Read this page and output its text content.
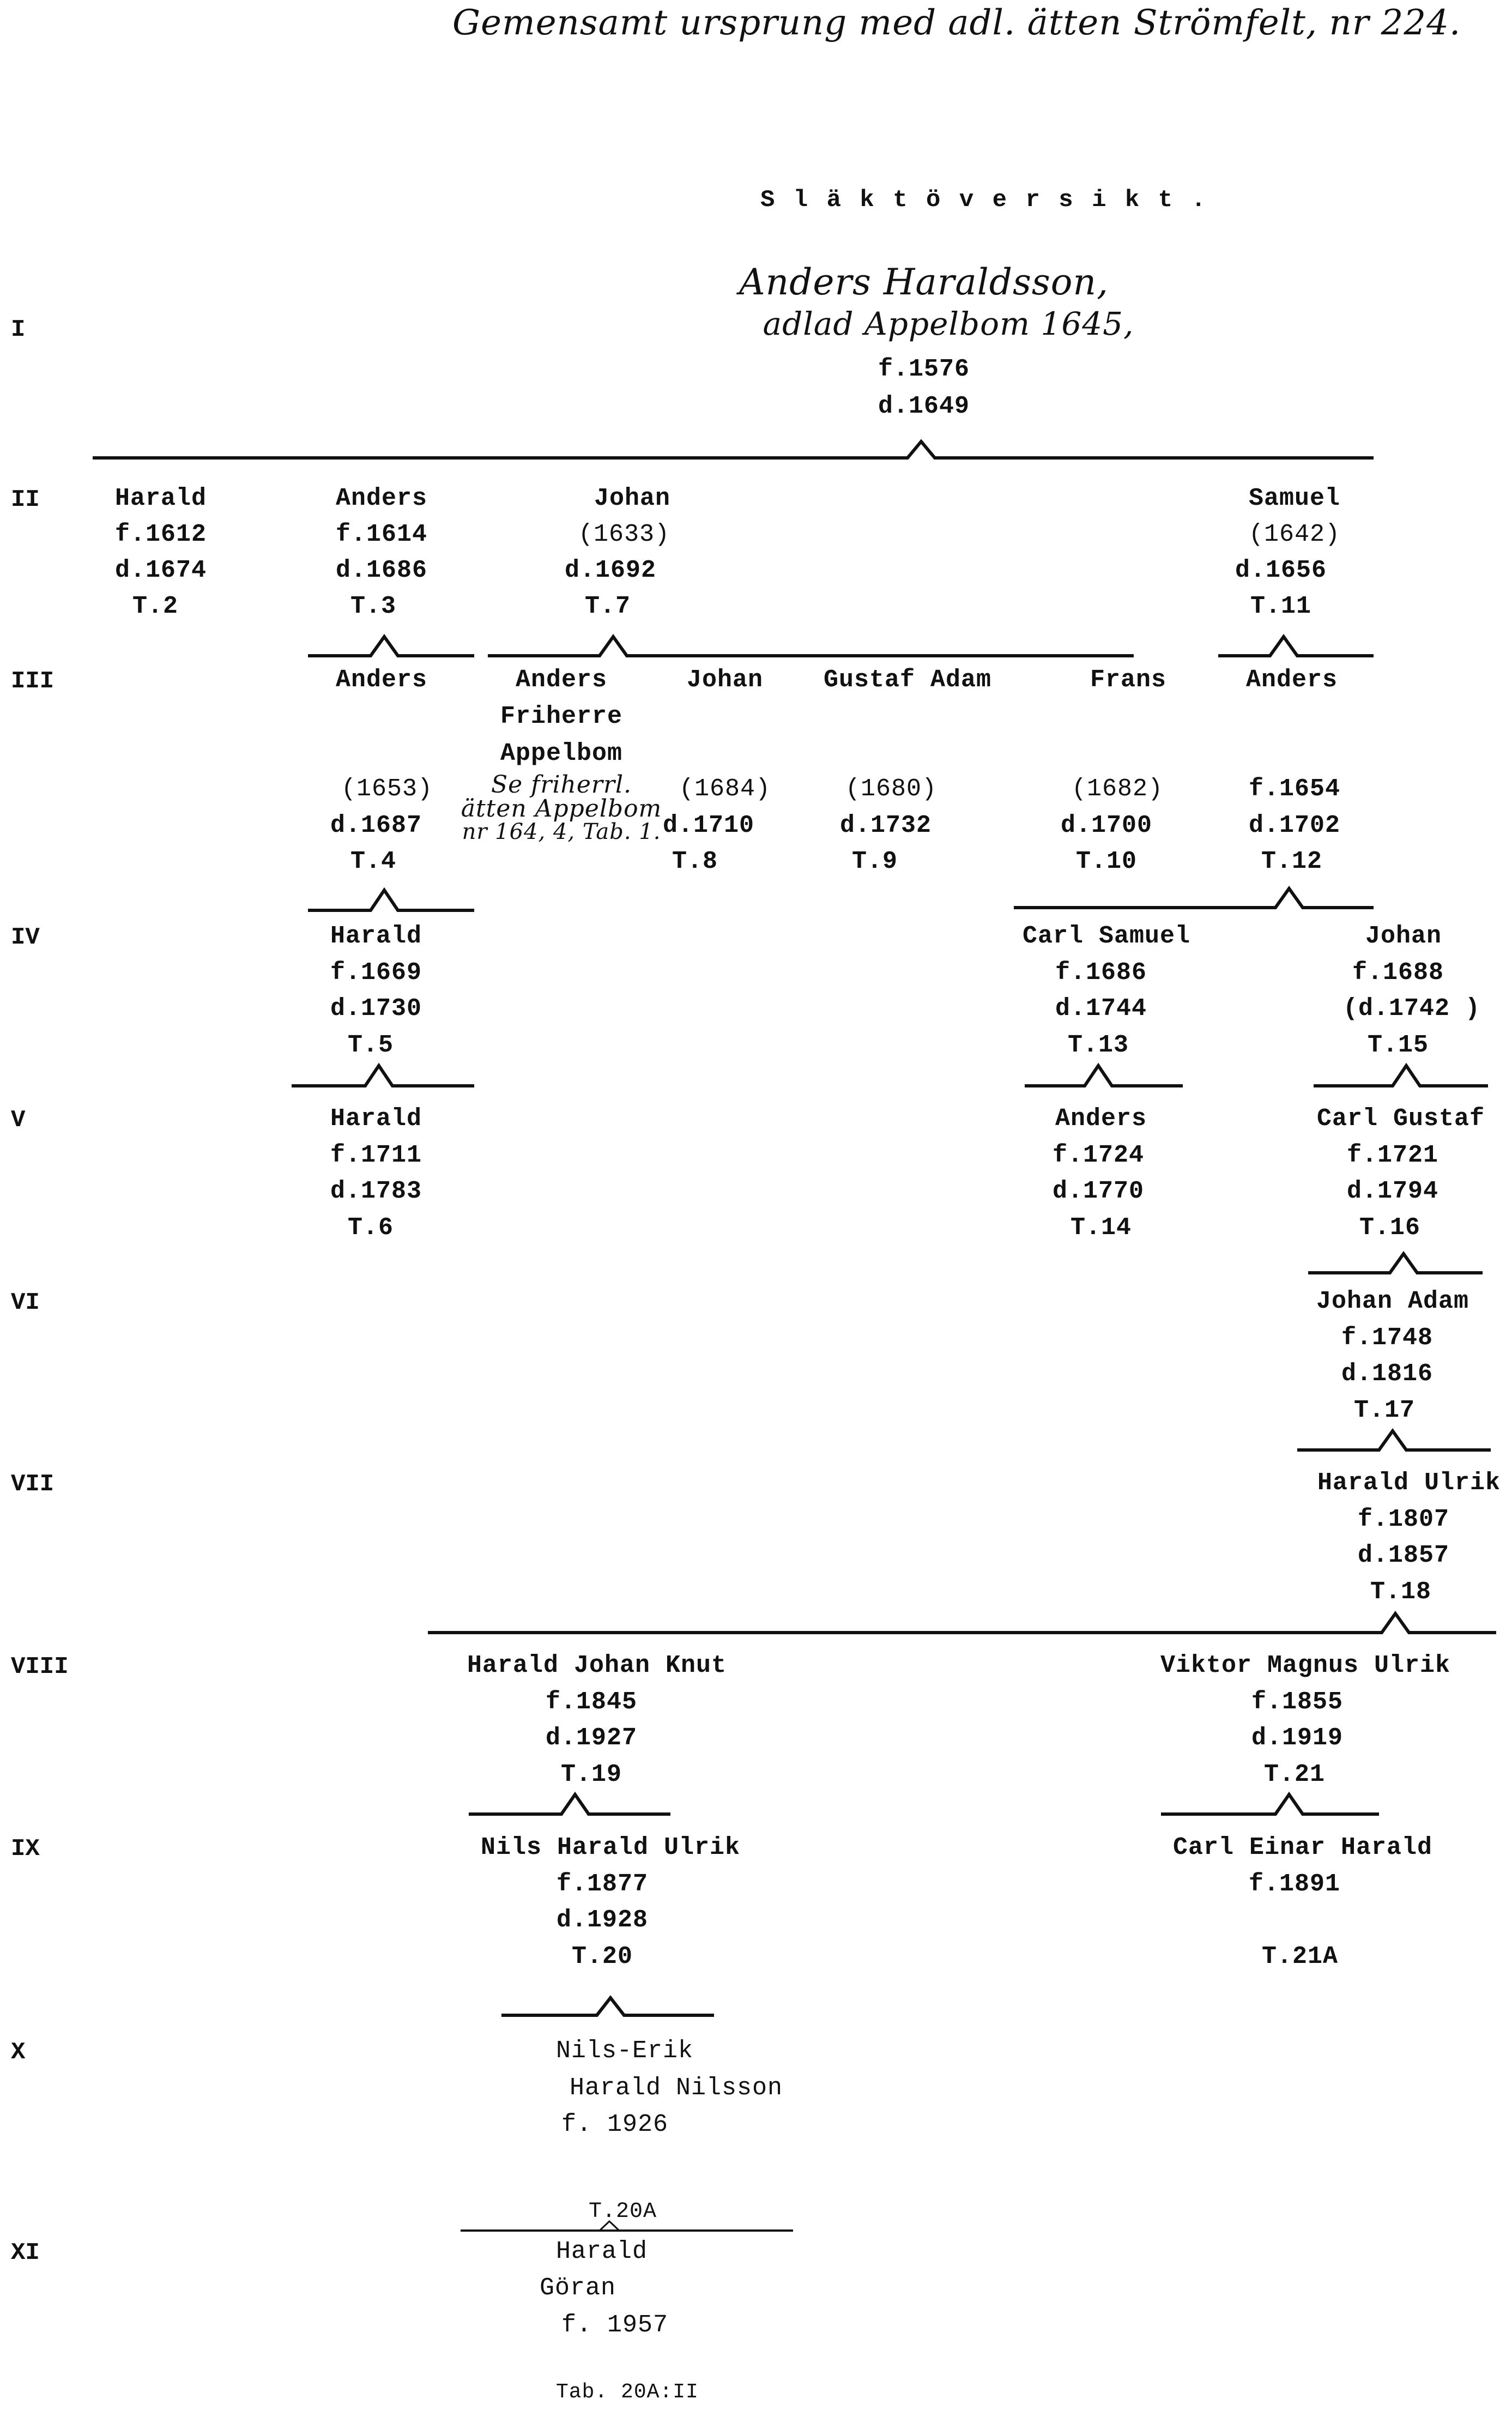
Gemensamt ursprung med adl. ätten Strömfelt, nr 224.
S l ä k t ö v e r s i k t .
I
II
III
IV
V
VI
VII
VIII
IX
X
XI
Anders Haraldsson,
adlad Appelbom 1645,
f.1576
d.1649
Harald
f.1612
d.1674
T.2
Anders
f.1614
d.1686
T.3
Johan
(1633)
d.1692
T.7
Samuel
(1642)
d.1656
T.11
Anders
(1653)
d.1687
T.4
Anders
Friherre
Appelbom
Se friherrl.
ätten Appelbom
nr 164, 4, Tab. 1.
Johan
(1684)
d.1710
T.8
Gustaf Adam
(1680)
d.1732
T.9
Frans
(1682)
d.1700
T.10
Anders
f.1654
d.1702
T.12
Harald
f.1669
d.1730
T.5
Carl Samuel
f.1686
d.1744
T.13
Johan
f.1688
(d.1742 )
T.15
Harald
f.1711
d.1783
T.6
Anders
f.1724
d.1770
T.14
Carl Gustaf
f.1721
d.1794
T.16
Johan Adam
f.1748
d.1816
T.17
Harald Ulrik
f.1807
d.1857
T.18
Harald Johan Knut
f.1845
d.1927
T.19
Viktor Magnus Ulrik
f.1855
d.1919
T.21
Nils Harald Ulrik
f.1877
d.1928
T.20
Carl Einar Harald
f.1891
T.21A
Nils-Erik
Harald Nilsson
f. 1926
T.20A
Harald
Göran
f. 1957
Tab. 20A:II
